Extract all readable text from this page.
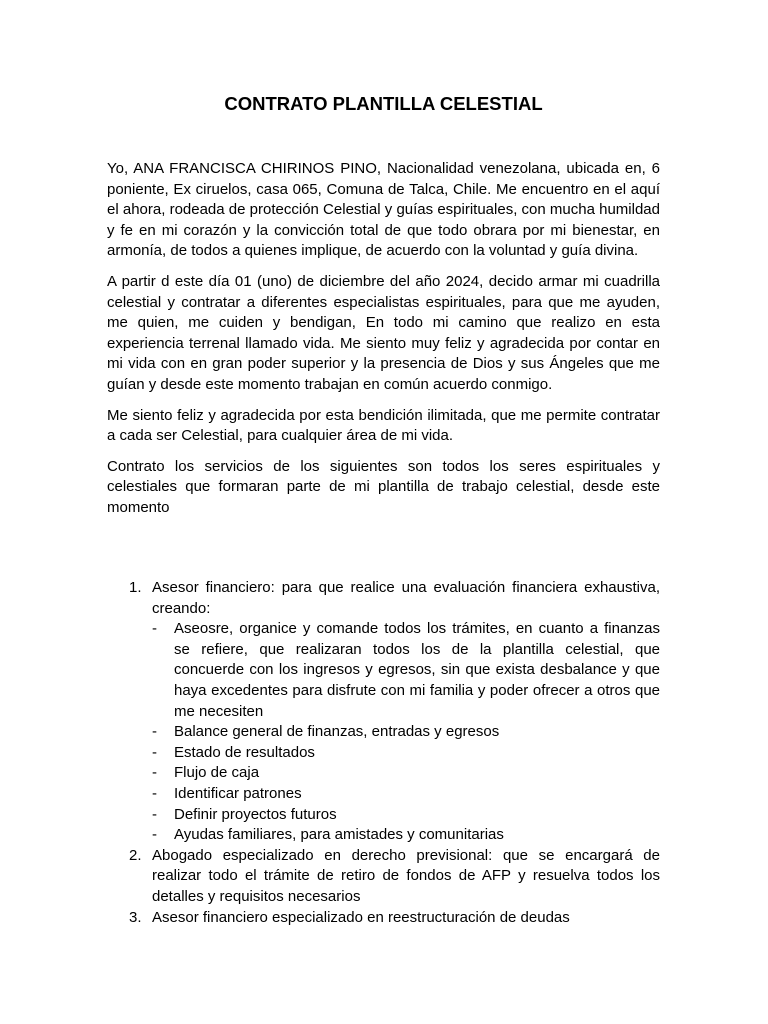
CONTRATO PLANTILLA CELESTIAL

Yo, ANA FRANCISCA CHIRINOS PINO, Nacionalidad venezolana, ubicada en, 6 poniente, Ex ciruelos, casa 065, Comuna de Talca, Chile. Me encuentro en el aquí el ahora, rodeada de protección Celestial y guías espirituales, con mucha humildad y fe en mi corazón y la convicción total de que todo obrara por mi bienestar, en armonía, de todos a quienes implique, de acuerdo con la voluntad y guía divina.

A partir d este día 01 (uno) de diciembre del año 2024, decido armar mi cuadrilla celestial y contratar a diferentes especialistas espirituales, para que me ayuden, me quien, me cuiden y bendigan, En todo mi camino que realizo en esta experiencia terrenal llamado vida. Me siento muy feliz y agradecida por contar en mi vida con en gran poder superior y la presencia de Dios y sus Ángeles que me guían y desde este momento trabajan en común acuerdo conmigo.

Me siento feliz y agradecida por esta bendición ilimitada, que me permite contratar a cada ser Celestial, para cualquier área de mi vida.

Contrato los servicios de los siguientes son todos los seres espirituales y celestiales que formaran parte de mi plantilla de trabajo celestial, desde este momento

1. Asesor financiero: para que realice una evaluación financiera exhaustiva, creando:
- Aseosre, organice y comande todos los trámites, en cuanto a finanzas se refiere, que realizaran todos los de la plantilla celestial, que concuerde con los ingresos y egresos, sin que exista desbalance y que haya excedentes para disfrute con mi familia y poder ofrecer a otros que me necesiten
- Balance general de finanzas, entradas y egresos
- Estado de resultados
- Flujo de caja
- Identificar patrones
- Definir proyectos futuros
- Ayudas familiares, para amistades y comunitarias
2. Abogado especializado en derecho previsional: que se encargará de realizar todo el trámite de retiro de fondos de AFP y resuelva todos los detalles y requisitos necesarios
3. Asesor financiero especializado en reestructuración de deudas
